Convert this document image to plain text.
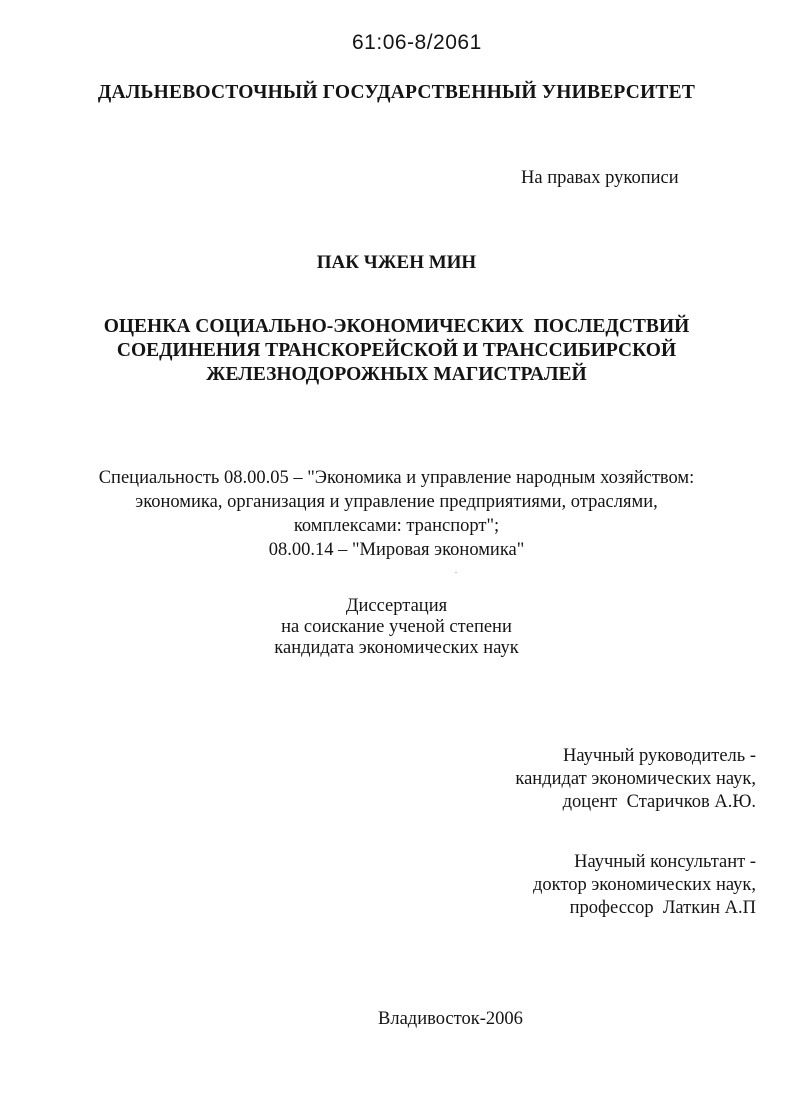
61:06-8/2061
ДАЛЬНЕВОСТОЧНЫЙ ГОСУДАРСТВЕННЫЙ УНИВЕРСИТЕТ
На правах рукописи
ПАК ЧЖЕН МИН
ОЦЕНКА СОЦИАЛЬНО-ЭКОНОМИЧЕСКИХ  ПОСЛЕДСТВИЙ
СОЕДИНЕНИЯ ТРАНСКОРЕЙСКОЙ И ТРАНССИБИРСКОЙ
ЖЕЛЕЗНОДОРОЖНЫХ МАГИСТРАЛЕЙ
Специальность 08.00.05 – "Экономика и управление народным хозяйством:
экономика, организация и управление предприятиями, отраслями,
комплексами: транспорт";
08.00.14 – "Мировая экономика"
Диссертация
на соискание ученой степени
кандидата экономических наук
Научный руководитель -
кандидат экономических наук,
доцент  Старичков А.Ю.
Научный консультант -
доктор экономических наук,
профессор  Латкин А.П
Владивосток-2006
